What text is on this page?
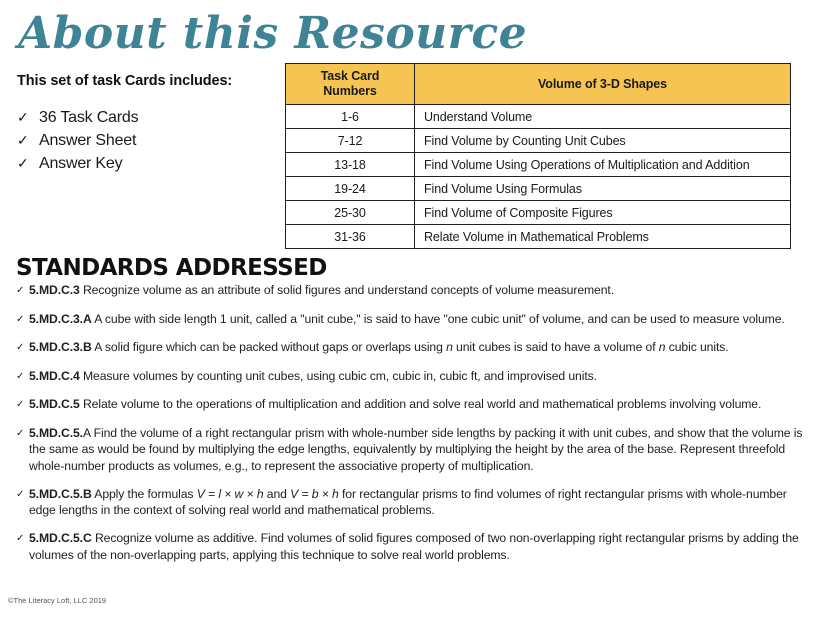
About this Resource
This set of task Cards includes:
✓ 36 Task Cards
✓ Answer Sheet
✓ Answer Key
Task Card
Numbers	Volume of 3-D Shapes
1-6	Understand Volume
7-12	Find Volume by Counting Unit Cubes
13-18	Find Volume Using Operations of Multiplication and Addition
19-24	Find Volume Using Formulas
25-30	Find Volume of Composite Figures
31-36	Relate Volume in Mathematical Problems
STANDARDS ADDRESSED
✓ 5.MD.C.3 Recognize volume as an attribute of solid figures and understand concepts of volume measurement.
✓ 5.MD.C.3.A A cube with side length 1 unit, called a "unit cube," is said to have "one cubic unit" of volume, and can be used to measure volume.
✓ 5.MD.C.3.B A solid figure which can be packed without gaps or overlaps using n unit cubes is said to have a volume of n cubic units.
✓ 5.MD.C.4 Measure volumes by counting unit cubes, using cubic cm, cubic in, cubic ft, and improvised units.
✓ 5.MD.C.5 Relate volume to the operations of multiplication and addition and solve real world and mathematical problems involving volume.
✓ 5.MD.C.5.A Find the volume of a right rectangular prism with whole-number side lengths by packing it with unit cubes, and show that the volume is the same as would be found by multiplying the edge lengths, equivalently by multiplying the height by the area of the base. Represent threefold whole-number products as volumes, e.g., to represent the associative property of multiplication.
✓ 5.MD.C.5.B Apply the formulas V = l × w × h and V = b × h for rectangular prisms to find volumes of right rectangular prisms with whole-number edge lengths in the context of solving real world and mathematical problems.
✓ 5.MD.C.5.C Recognize volume as additive. Find volumes of solid figures composed of two non-overlapping right rectangular prisms by adding the volumes of the non-overlapping parts, applying this technique to solve real world problems.
©The Literacy Loft, LLC 2019
